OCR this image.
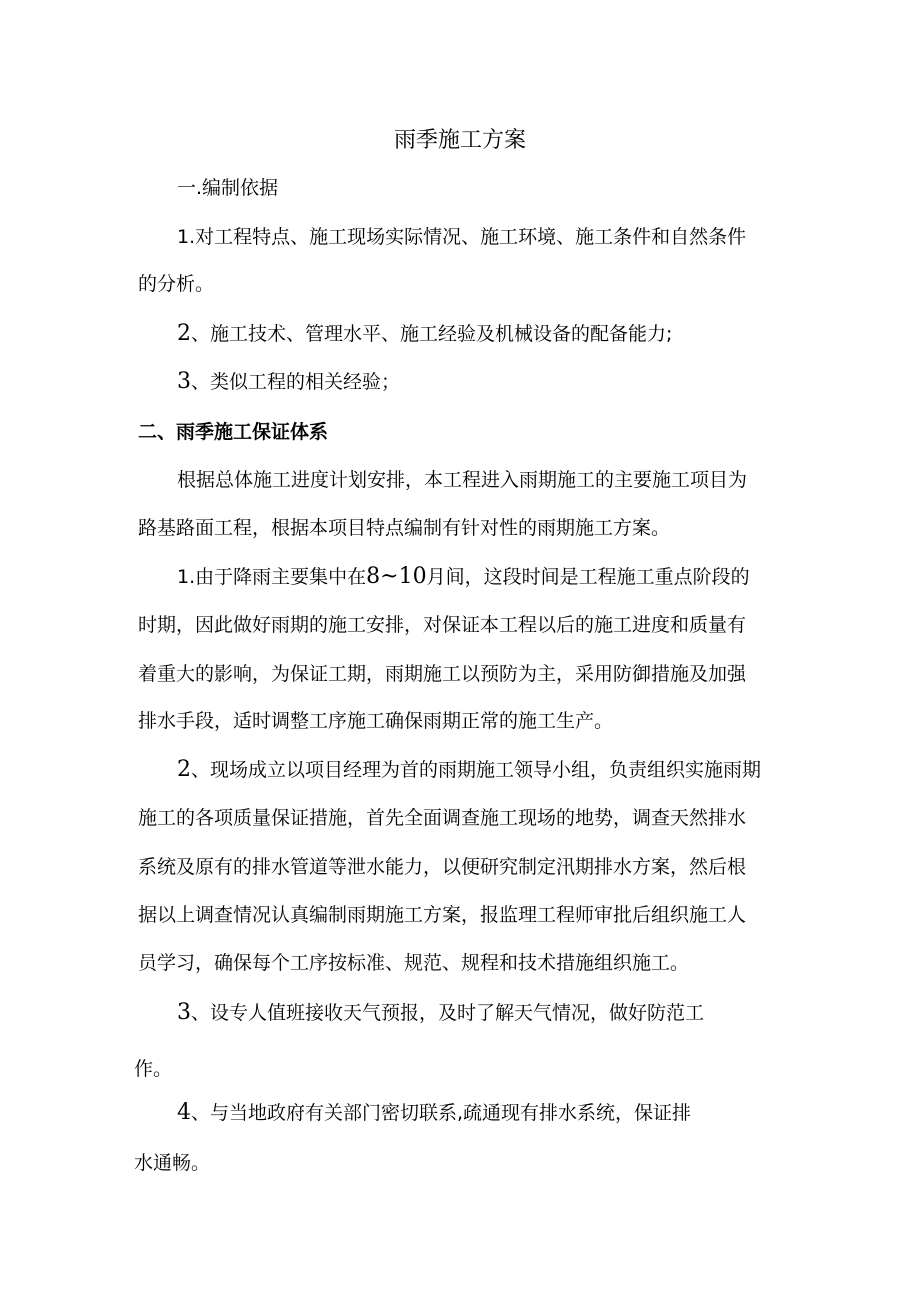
雨季施工方案
一.编制依据
1.对工程特点、施工现场实际情况、施工环境、施工条件和自然条件
的分析。
2、施工技术、管理水平、施工经验及机械设备的配备能力;
3、类似工程的相关经验；
二、雨季施工保证体系
根据总体施工进度计划安排，本工程进入雨期施工的主要施工项目为
路基路面工程，根据本项目特点编制有针对性的雨期施工方案。
1.由于降雨主要集中在8~10月间，这段时间是工程施工重点阶段的
时期，因此做好雨期的施工安排，对保证本工程以后的施工进度和质量有
着重大的影响，为保证工期，雨期施工以预防为主，采用防御措施及加强
排水手段，适时调整工序施工确保雨期正常的施工生产。
2、现场成立以项目经理为首的雨期施工领导小组，负责组织实施雨期
施工的各项质量保证措施，首先全面调查施工现场的地势，调查天然排水
系统及原有的排水管道等泄水能力，以便研究制定汛期排水方案，然后根
据以上调查情况认真编制雨期施工方案，报监理工程师审批后组织施工人
员学习，确保每个工序按标准、规范、规程和技术措施组织施工。
3、设专人值班接收天气预报，及时了解天气情况，做好防范工
作。
4、与当地政府有关部门密切联系,疏通现有排水系统，保证排
水通畅。
